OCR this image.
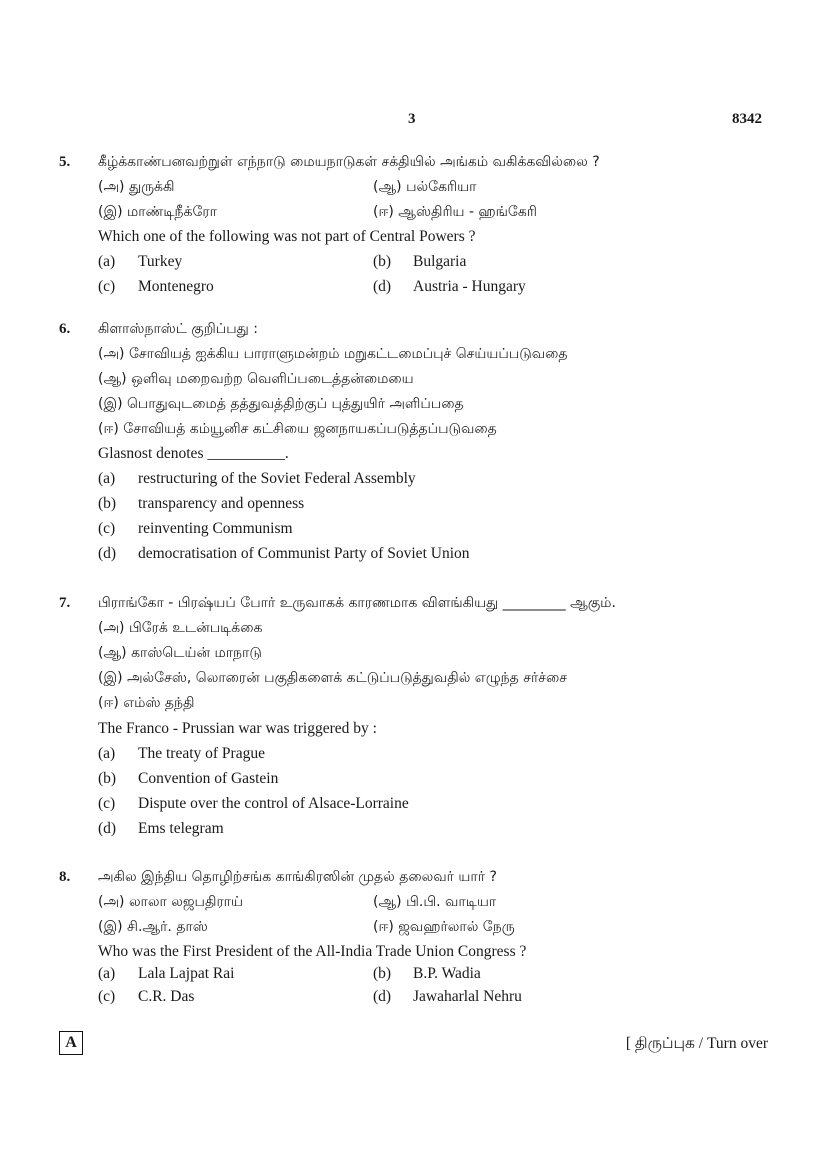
3	8342
5. கீழ்க்காண்பனவற்றுள் எந்நாடு மையநாடுகள் சக்தியில் அங்கம் வகிக்கவில்லை ?
(அ) துருக்கி	(ஆ) பல்கேரியா
(இ) மாண்டிநீக்ரோ	(ஈ) ஆஸ்திரிய - ஹங்கேரி
Which one of the following was not part of Central Powers ?
(a) Turkey	(b) Bulgaria
(c) Montenegro	(d) Austria - Hungary
6. கிளாஸ்நாஸ்ட் குறிப்பது :
(அ) சோவியத் ஐக்கிய பாராளுமன்றம் மறுகட்டமைப்புச் செய்யப்படுவதை
(ஆ) ஒளிவு மறைவற்ற வெளிப்படைத்தன்மையை
(இ) பொதுவுடமைத் தத்துவத்திற்குப் புத்துயிர் அளிப்பதை
(ஈ) சோவியத் கம்யூனிச கட்சியை ஜனநாயகப்படுத்தப்படுவதை
Glasnost denotes __________.
(a) restructuring of the Soviet Federal Assembly
(b) transparency and openness
(c) reinventing Communism
(d) democratisation of Communist Party of Soviet Union
7. பிராங்கோ - பிரஷ்யப் போர் உருவாகக் காரணமாக விளங்கியது _________ ஆகும்.
(அ) பிரேக் உடன்படிக்கை
(ஆ) காஸ்டெய்ன் மாநாடு
(இ) அல்சேஸ், லொரைன் பகுதிகளைக் கட்டுப்படுத்துவதில் எழுந்த சர்ச்சை
(ஈ) எம்ஸ் தந்தி
The Franco - Prussian war was triggered by :
(a) The treaty of Prague
(b) Convention of Gastein
(c) Dispute over the control of Alsace-Lorraine
(d) Ems telegram
8. அகில இந்திய தொழிற்சங்க காங்கிரஸின் முதல் தலைவர் யார் ?
(அ) லாலா லஜபதிராய்	(ஆ) பி.பி. வாடியா
(இ) சி.ஆர். தாஸ்	(ஈ) ஜவஹர்லால் நேரு
Who was the First President of the All-India Trade Union Congress ?
(a) Lala Lajpat Rai	(b) B.P. Wadia
(c) C.R. Das	(d) Jawaharlal Nehru
A	[ திருப்புக / Turn over
